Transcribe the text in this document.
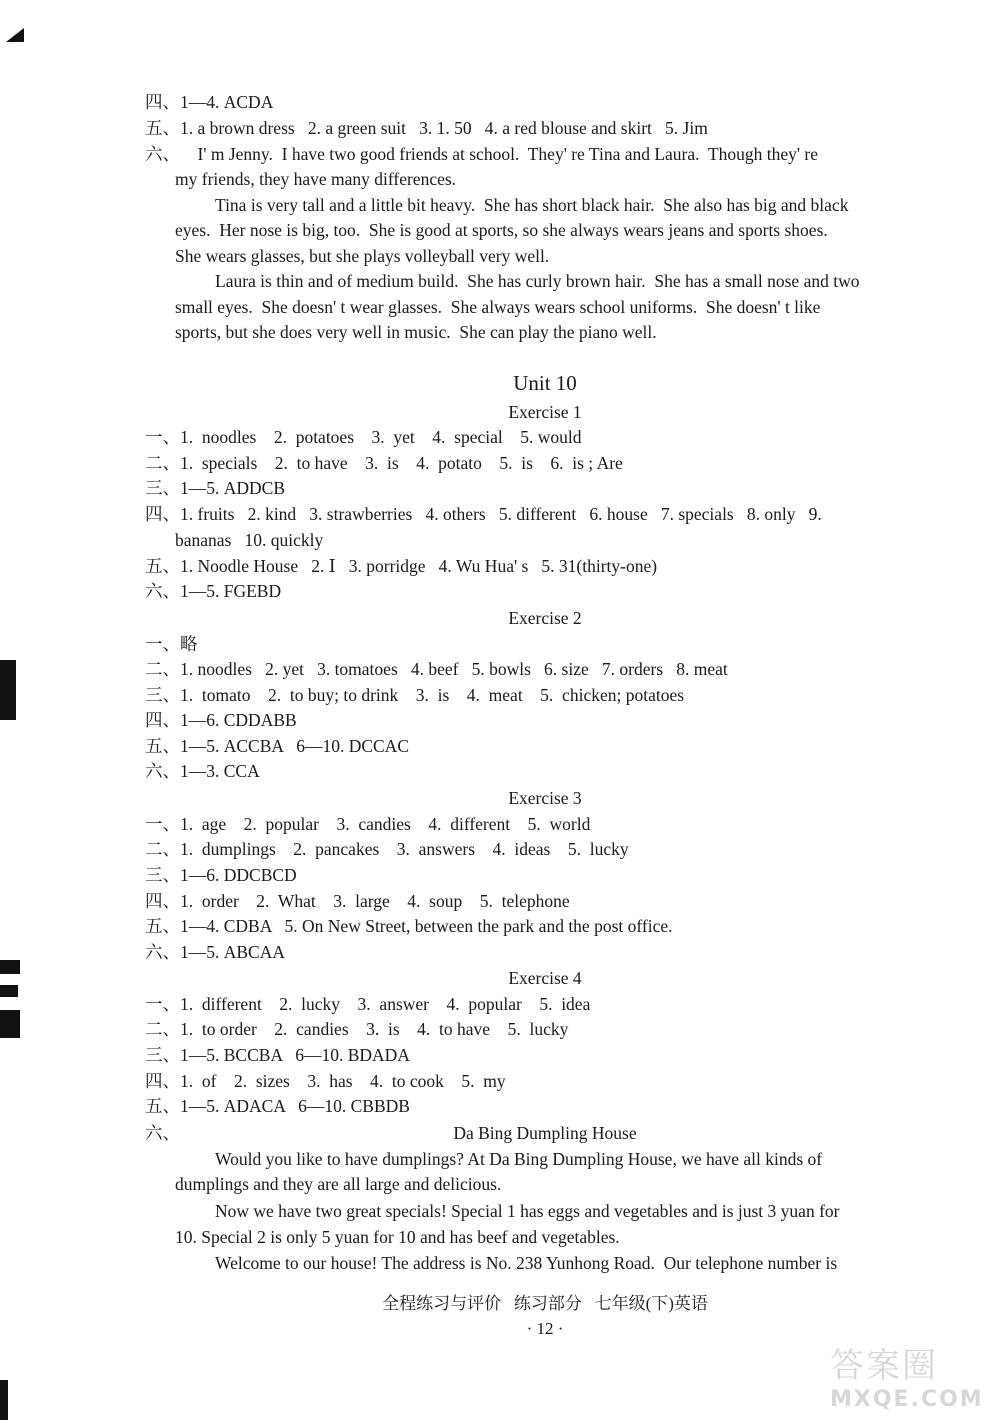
四、1—4. ACDA
五、1. a brown dress   2. a green suit   3. 1. 50   4. a red blouse and skirt   5. Jim
六、    I' m Jenny.  I have two good friends at school.  They' re Tina and Laura.  Though they' re
my friends, they have many differences.
Tina is very tall and a little bit heavy.  She has short black hair.  She also has big and black
eyes.  Her nose is big, too.  She is good at sports, so she always wears jeans and sports shoes.
She wears glasses, but she plays volleyball very well.
Laura is thin and of medium build.  She has curly brown hair.  She has a small nose and two
small eyes.  She doesn' t wear glasses.  She always wears school uniforms.  She doesn' t like
sports, but she does very well in music.  She can play the piano well.
Unit 10
Exercise 1
一、1.  noodles    2.  potatoes    3.  yet    4.  special    5. would
二、1.  specials    2.  to have    3.  is    4.  potato    5.  is    6.  is ; Are
三、1—5. ADDCB
四、1. fruits   2. kind   3. strawberries   4. others   5. different   6. house   7. specials   8. only   9.
bananas   10. quickly
五、1. Noodle House   2. Ⅰ   3. porridge   4. Wu Hua' s   5. 31(thirty-one)
六、1—5. FGEBD
Exercise 2
一、略
二、1. noodles   2. yet   3. tomatoes   4. beef   5. bowls   6. size   7. orders   8. meat
三、1.  tomato    2.  to buy; to drink    3.  is    4.  meat    5.  chicken; potatoes
四、1—6. CDDABB
五、1—5. ACCBA   6—10. DCCAC
六、1—3. CCA
Exercise 3
一、1.  age    2.  popular    3.  candies    4.  different    5.  world
二、1.  dumplings    2.  pancakes    3.  answers    4.  ideas    5.  lucky
三、1—6. DDCBCD
四、1.  order    2.  What    3.  large    4.  soup    5.  telephone
五、1—4. CDBA   5. On New Street, between the park and the post office.
六、1—5. ABCAA
Exercise 4
一、1.  different    2.  lucky    3.  answer    4.  popular    5.  idea
二、1.  to order    2.  candies    3.  is    4.  to have    5.  lucky
三、1—5. BCCBA   6—10. BDADA
四、1.  of    2.  sizes    3.  has    4.  to cook    5.  my
五、1—5. ADACA   6—10. CBBDB
六、	Da Bing Dumpling House
Would you like to have dumplings? At Da Bing Dumpling House, we have all kinds of
dumplings and they are all large and delicious.
Now we have two great specials! Special 1 has eggs and vegetables and is just 3 yuan for
10. Special 2 is only 5 yuan for 10 and has beef and vegetables.
Welcome to our house! The address is No. 238 Yunhong Road.  Our telephone number is
全程练习与评价   练习部分   七年级(下)英语
· 12 ·
答案圈
MXQE.COM
